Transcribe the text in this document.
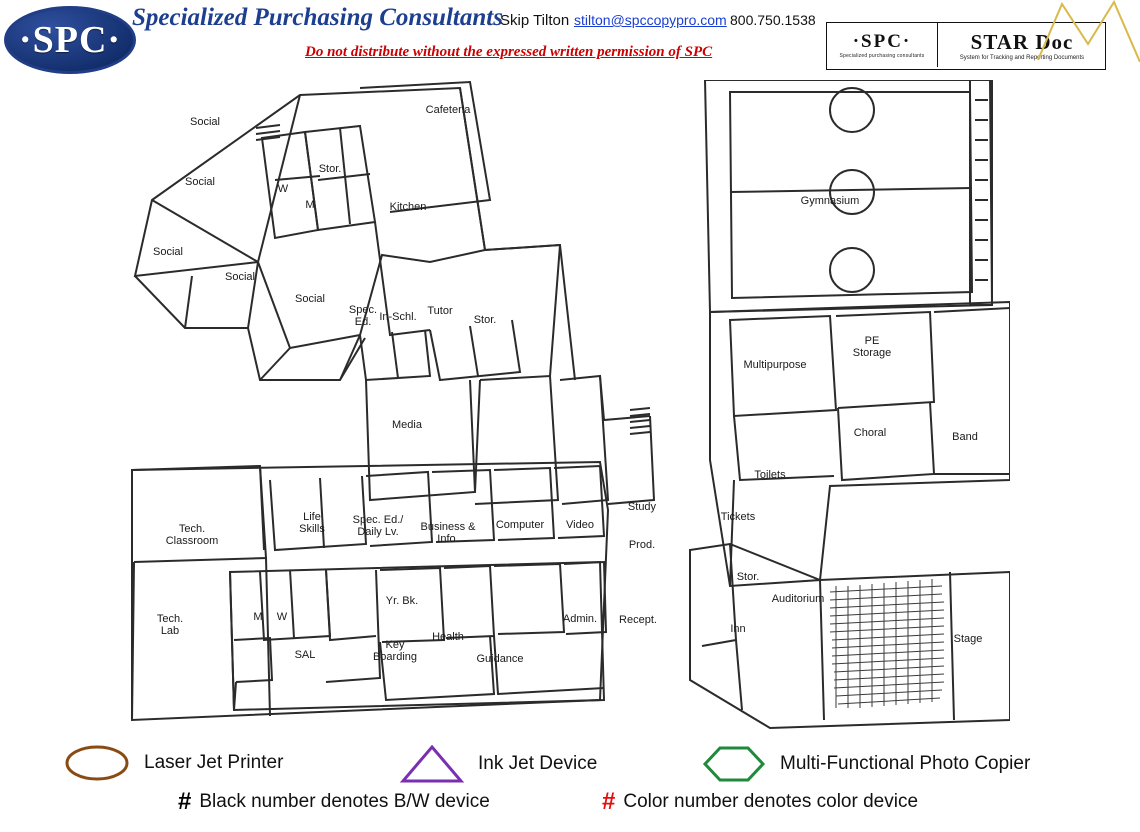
·SPC·
Specialized Purchasing Consultants
Skip Tilton stilton@spccopypro.com 800.750.1538
Do not distribute without the expressed written permission of SPC	·SPC·
Specialized purchasing consultants
STAR Doc
System for Tracking and Reporting Documents
Social
Social
Social
Social
Social
Stor.
W
M	Kitchen
Cafeteria
Gymnasium
Spec. Ed. In-Schl. Tutor
Stor.
Media
Multipurpose
PE Storage
Choral	Band
Toilets
Tech. Classroom
Life Skills
Spec. Ed./ Daily Lv.	Business & Info.
Computer Video
Study
Prod.
Tickets
Stor.
Auditorium
Stage
Tech. Lab
M W
SAL
Yr. Bk.
Key Boarding
Health
Guidance
Admin. Recept.
Inn
Laser Jet Printer	Ink Jet Device	Multi-Functional Photo Copier
# Black number denotes B/W device	# Color number denotes color device
